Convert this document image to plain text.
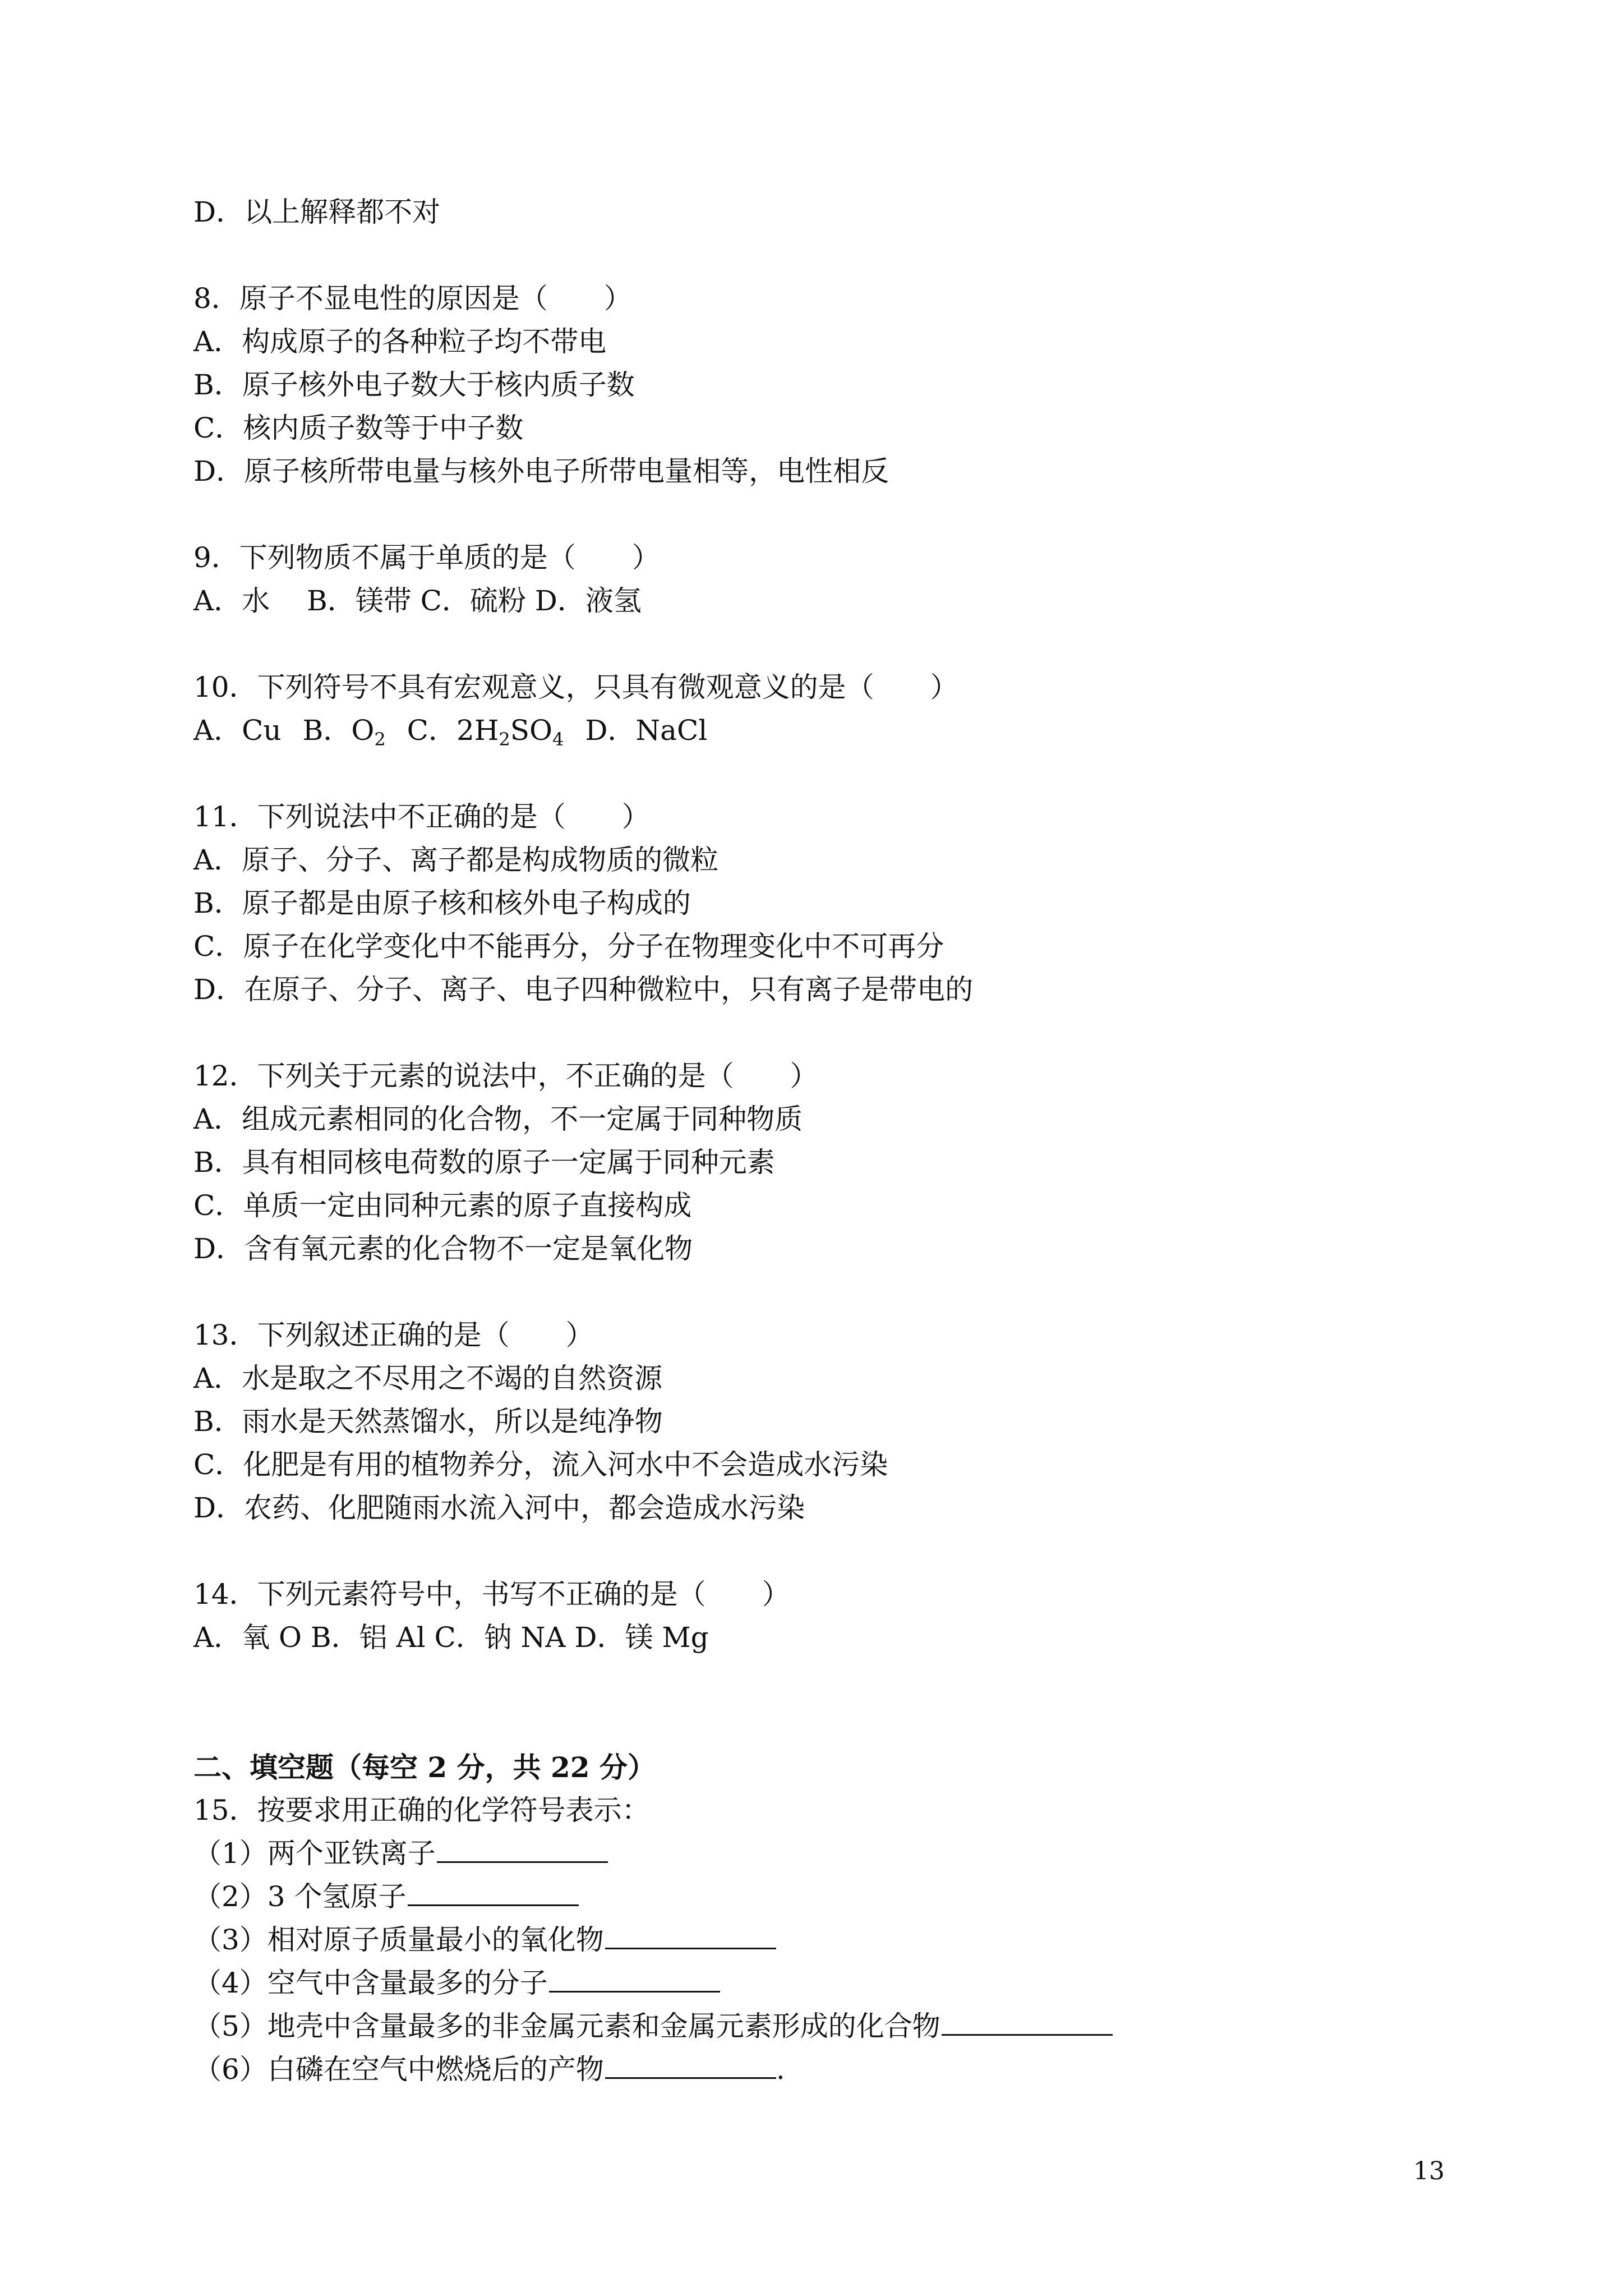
D．以上解释都不对
8．原子不显电性的原因是（　　）
A．构成原子的各种粒子均不带电
B．原子核外电子数大于核内质子数
C．核内质子数等于中子数
D．原子核所带电量与核外电子所带电量相等，电性相反
9．下列物质不属于单质的是（　　）
A．水　 B．镁带 C．硫粉 D．液氢
10．下列符号不具有宏观意义，只具有微观意义的是（　　）
A．Cu B．$O_2$ C．$2H_2SO_4$ D．NaCl
11．下列说法中不正确的是（　　）
A．原子、分子、离子都是构成物质的微粒
B．原子都是由原子核和核外电子构成的
C．原子在化学变化中不能再分，分子在物理变化中不可再分
D．在原子、分子、离子、电子四种微粒中，只有离子是带电的
12．下列关于元素的说法中，不正确的是（　　）
A．组成元素相同的化合物，不一定属于同种物质
B．具有相同核电荷数的原子一定属于同种元素
C．单质一定由同种元素的原子直接构成
D．含有氧元素的化合物不一定是氧化物
13．下列叙述正确的是（　　）
A．水是取之不尽用之不竭的自然资源
B．雨水是天然蒸馏水，所以是纯净物
C．化肥是有用的植物养分，流入河水中不会造成水污染
D．农药、化肥随雨水流入河中，都会造成水污染
14．下列元素符号中，书写不正确的是（　　）
A．氧 O B．铝 Al C．钠 NA D．镁 Mg
二、填空题（每空 2 分，共 22 分）
15．按要求用正确的化学符号表示：
（1）两个亚铁离子
（2）3 个氢原子
（3）相对原子质量最小的氧化物
（4）空气中含量最多的分子
（5）地壳中含量最多的非金属元素和金属元素形成的化合物
（6）白磷在空气中燃烧后的产物	.
13
